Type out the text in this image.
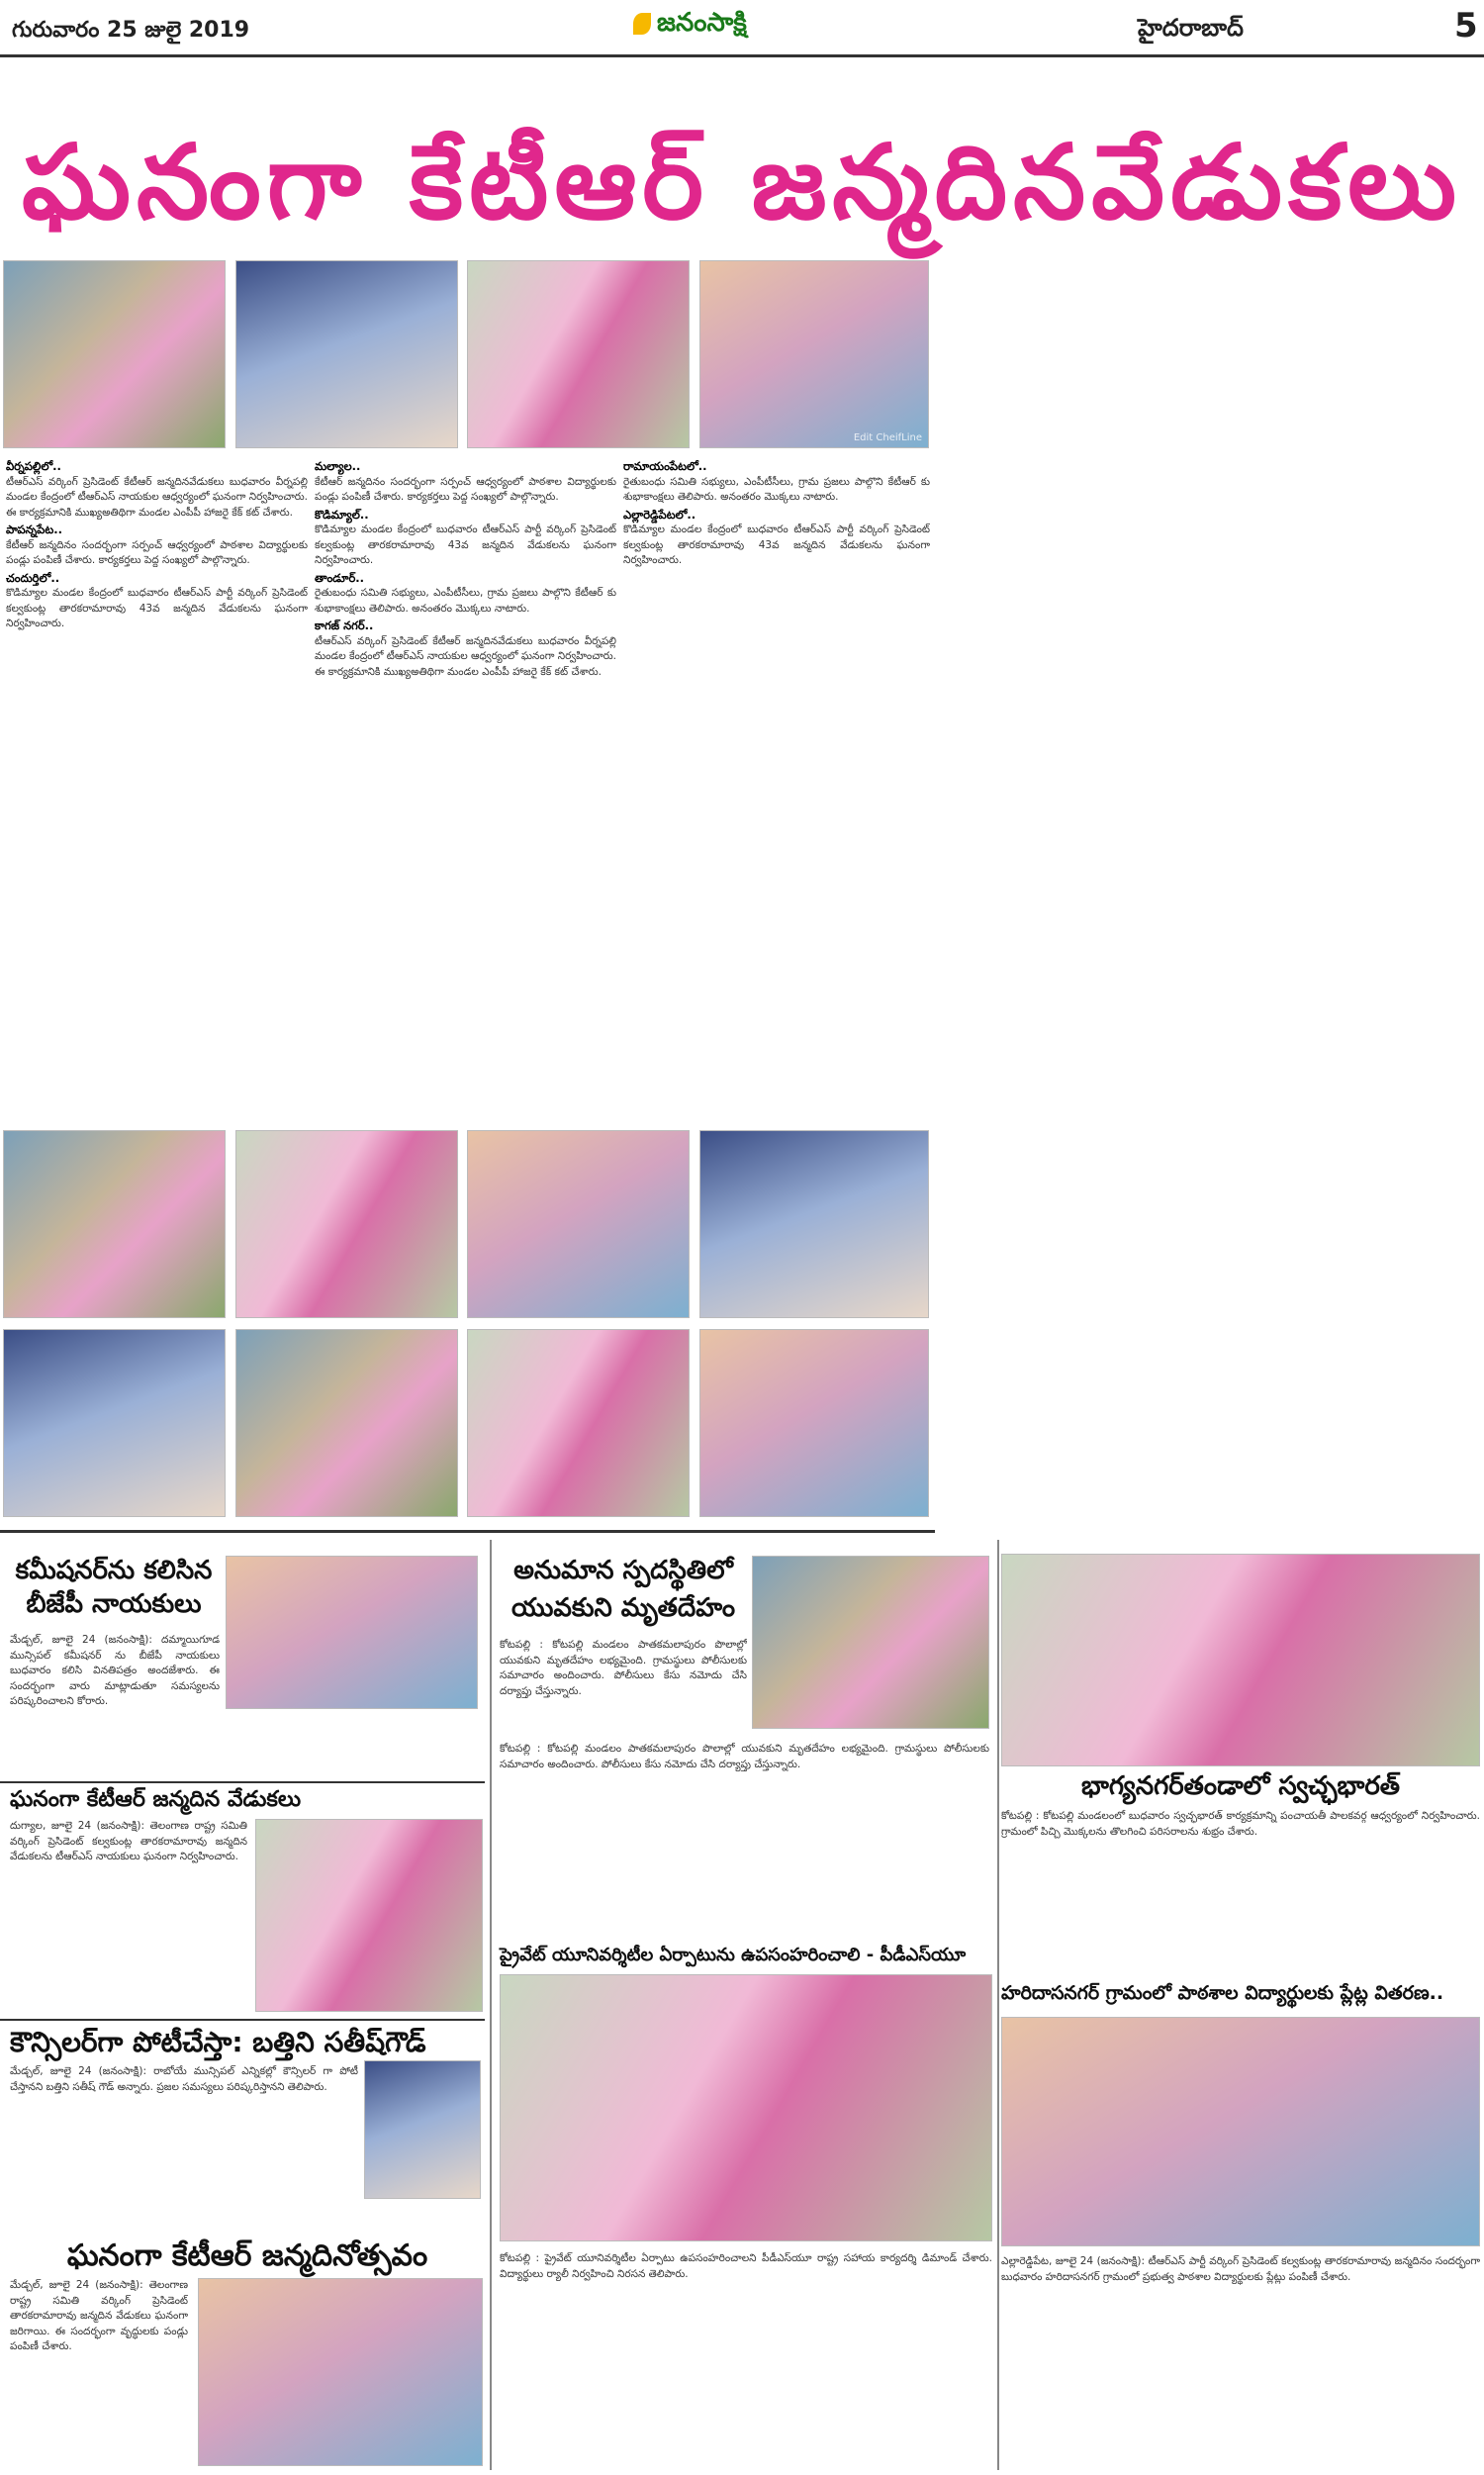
గురువారం 25 జులై 2019	జనంసాక్షి	హైదరాబాద్	5
ఘనంగా కేటీఆర్ జన్మదినవేడుకలు
Edit CheifLine
వీర్నపల్లిలో..
టీఆర్ఎస్ వర్కింగ్ ప్రెసిడెంట్ కేటీఆర్ జన్మదినవేడుకలు బుధవారం వీర్నపల్లి మండల కేంద్రంలో టీఆర్ఎస్ నాయకుల ఆధ్వర్యంలో ఘనంగా నిర్వహించారు. ఈ కార్యక్రమానికి ముఖ్యఅతిథిగా మండల ఎంపీపీ హాజరై కేక్ కట్ చేశారు.
పాపన్నపేట..
కేటీఆర్ జన్మదినం సందర్భంగా సర్పంచ్ ఆధ్వర్యంలో పాఠశాల విద్యార్థులకు పండ్లు పంపిణీ చేశారు. కార్యకర్తలు పెద్ద సంఖ్యలో పాల్గొన్నారు.
చందుర్తిలో..
కొడిమ్యాల మండల కేంద్రంలో బుధవారం టీఆర్ఎస్ పార్టీ వర్కింగ్ ప్రెసిడెంట్ కల్వకుంట్ల తారకరామారావు 43వ జన్మదిన వేడుకలను ఘనంగా నిర్వహించారు.
మల్యాల..
కేటీఆర్ జన్మదినం సందర్భంగా సర్పంచ్ ఆధ్వర్యంలో పాఠశాల విద్యార్థులకు పండ్లు పంపిణీ చేశారు. కార్యకర్తలు పెద్ద సంఖ్యలో పాల్గొన్నారు.
కొడిమ్యాల్..
కొడిమ్యాల మండల కేంద్రంలో బుధవారం టీఆర్ఎస్ పార్టీ వర్కింగ్ ప్రెసిడెంట్ కల్వకుంట్ల తారకరామారావు 43వ జన్మదిన వేడుకలను ఘనంగా నిర్వహించారు.
తాండూర్..
రైతుబంధు సమితి సభ్యులు, ఎంపీటీసీలు, గ్రామ ప్రజలు పాల్గొని కేటీఆర్ కు శుభాకాంక్షలు తెలిపారు. అనంతరం మొక్కలు నాటారు.
కాగజ్ నగర్..
టీఆర్ఎస్ వర్కింగ్ ప్రెసిడెంట్ కేటీఆర్ జన్మదినవేడుకలు బుధవారం వీర్నపల్లి మండల కేంద్రంలో టీఆర్ఎస్ నాయకుల ఆధ్వర్యంలో ఘనంగా నిర్వహించారు. ఈ కార్యక్రమానికి ముఖ్యఅతిథిగా మండల ఎంపీపీ హాజరై కేక్ కట్ చేశారు.
రామాయంపేటలో..
రైతుబంధు సమితి సభ్యులు, ఎంపీటీసీలు, గ్రామ ప్రజలు పాల్గొని కేటీఆర్ కు శుభాకాంక్షలు తెలిపారు. అనంతరం మొక్కలు నాటారు.
ఎల్లారెడ్డిపేటలో..
కొడిమ్యాల మండల కేంద్రంలో బుధవారం టీఆర్ఎస్ పార్టీ వర్కింగ్ ప్రెసిడెంట్ కల్వకుంట్ల తారకరామారావు 43వ జన్మదిన వేడుకలను ఘనంగా నిర్వహించారు.
కమీషనర్‌ను కలిసిన బీజేపీ నాయకులు
మేడ్చల్, జూలై 24 (జనంసాక్షి): దమ్మాయిగూడ మున్సిపల్ కమీషనర్ ను బీజేపీ నాయకులు బుధవారం కలిసి వినతిపత్రం అందజేశారు. ఈ సందర్భంగా వారు మాట్లాడుతూ సమస్యలను పరిష్కరించాలని కోరారు.
ఘనంగా కేటీఆర్ జన్మదిన వేడుకలు
దుగ్యాల, జూలై 24 (జనంసాక్షి): తెలంగాణ రాష్ట్ర సమితి వర్కింగ్ ప్రెసిడెంట్ కల్వకుంట్ల తారకరామారావు జన్మదిన వేడుకలను టీఆర్ఎస్ నాయకులు ఘనంగా నిర్వహించారు.
కౌన్సిలర్‌గా పోటీచేస్తా: బత్తిని సతీష్‌గౌడ్
మేడ్చల్, జూలై 24 (జనంసాక్షి): రాబోయే మున్సిపల్ ఎన్నికల్లో కౌన్సిలర్ గా పోటీ చేస్తానని బత్తిని సతీష్ గౌడ్ అన్నారు. ప్రజల సమస్యలు పరిష్కరిస్తానని తెలిపారు.
ఘనంగా కేటీఆర్ జన్మదినోత్సవం
మేడ్చల్, జూలై 24 (జనంసాక్షి): తెలంగాణ రాష్ట్ర సమితి వర్కింగ్ ప్రెసిడెంట్ తారకరామారావు జన్మదిన వేడుకలు ఘనంగా జరిగాయి. ఈ సందర్భంగా వృద్ధులకు పండ్లు పంపిణీ చేశారు.
అనుమాన స్పదస్థితిలో యువకుని మృతదేహం
కోటపల్లి : కోటపల్లి మండలం పాతకమలాపురం పొలాల్లో యువకుని మృతదేహం లభ్యమైంది. గ్రామస్థులు పోలీసులకు సమాచారం అందించారు. పోలీసులు కేసు నమోదు చేసి దర్యాప్తు చేస్తున్నారు.
కోటపల్లి : కోటపల్లి మండలం పాతకమలాపురం పొలాల్లో యువకుని మృతదేహం లభ్యమైంది. గ్రామస్థులు పోలీసులకు సమాచారం అందించారు. పోలీసులు కేసు నమోదు చేసి దర్యాప్తు చేస్తున్నారు.
ప్రైవేట్ యూనివర్శిటీల ఏర్పాటును ఉపసంహరించాలి - పీడీఎస్‌యూ
కోటపల్లి : ప్రైవేట్ యూనివర్శిటీల ఏర్పాటు ఉపసంహరించాలని పీడీఎస్‌యూ రాష్ట్ర సహాయ కార్యదర్శి డిమాండ్ చేశారు. విద్యార్థులు ర్యాలీ నిర్వహించి నిరసన తెలిపారు.
భాగ్యనగర్‌తండాలో స్వచ్ఛభారత్
కోటపల్లి : కోటపల్లి మండలంలో బుధవారం స్వచ్ఛభారత్ కార్యక్రమాన్ని పంచాయతీ పాలకవర్గ ఆధ్వర్యంలో నిర్వహించారు. గ్రామంలో పిచ్చి మొక్కలను తొలగించి పరిసరాలను శుభ్రం చేశారు.
హరిదాసనగర్ గ్రామంలో పాఠశాల విద్యార్థులకు ప్లేట్ల వితరణ..
ఎల్లారెడ్డిపేట, జూలై 24 (జనంసాక్షి): టీఆర్ఎస్ పార్టీ వర్కింగ్ ప్రెసిడెంట్ కల్వకుంట్ల తారకరామారావు జన్మదినం సందర్భంగా బుధవారం హరిదాసనగర్ గ్రామంలో ప్రభుత్వ పాఠశాల విద్యార్థులకు ప్లేట్లు పంపిణీ చేశారు.
